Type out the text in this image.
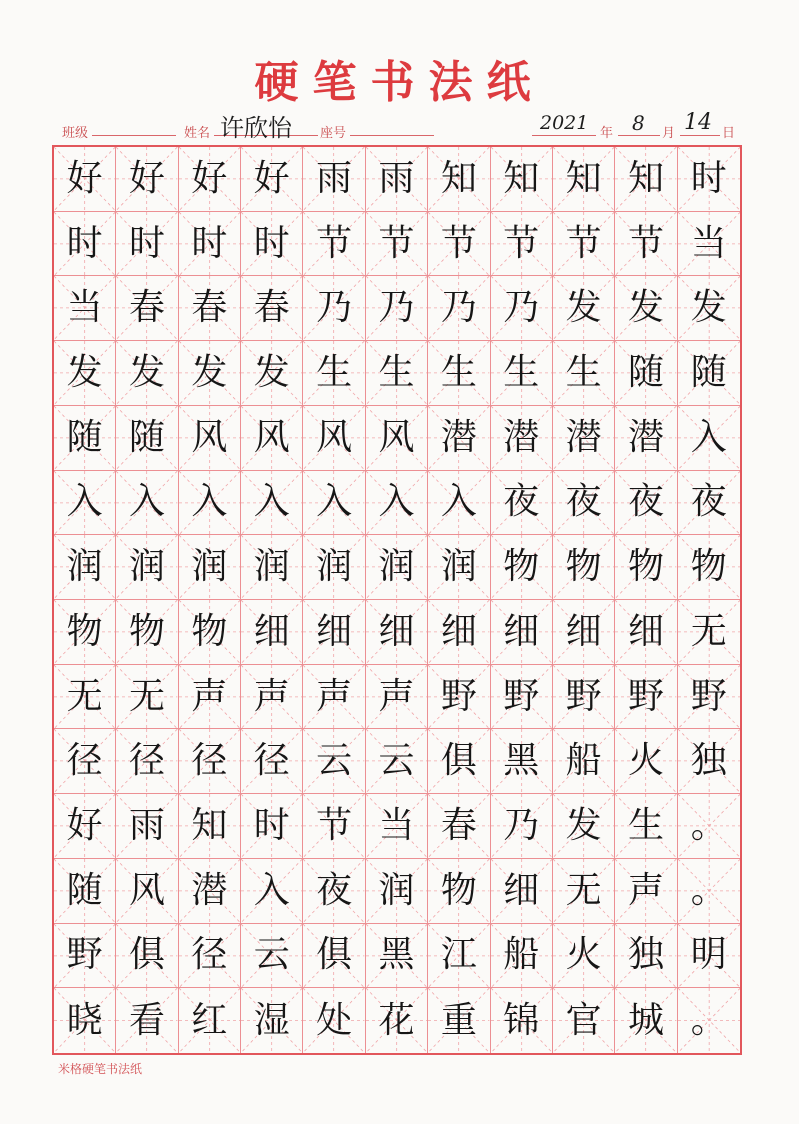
硬笔书法纸
班级	姓名 许欣怡 座号	2021 年 8 月 14 日
好 好 好 好 雨 雨 知 知 知 知 时
时 时 时 时 节 节 节 节 节 节 当
当 春 春 春 乃 乃 乃 乃 发 发 发
发 发 发 发 生 生 生 生 生 随 随
随 随 风 风 风 风 潜 潜 潜 潜 入
入 入 入 入 入 入 入 夜 夜 夜 夜
润 润 润 润 润 润 润 物 物 物 物
物 物 物 细 细 细 细 细 细 细 无
无 无 声 声 声 声 野 野 野 野 野
径 径 径 径 云 云 俱 黑 船 火 独
好 雨 知 时 节 当 春 乃 发 生 。
随 风 潜 入 夜 润 物 细 无 声 。
野 俱 径 云 俱 黑 江 船 火 独 明
晓 看 红 湿 处 花 重 锦 官 城 。
米格硬笔书法纸
